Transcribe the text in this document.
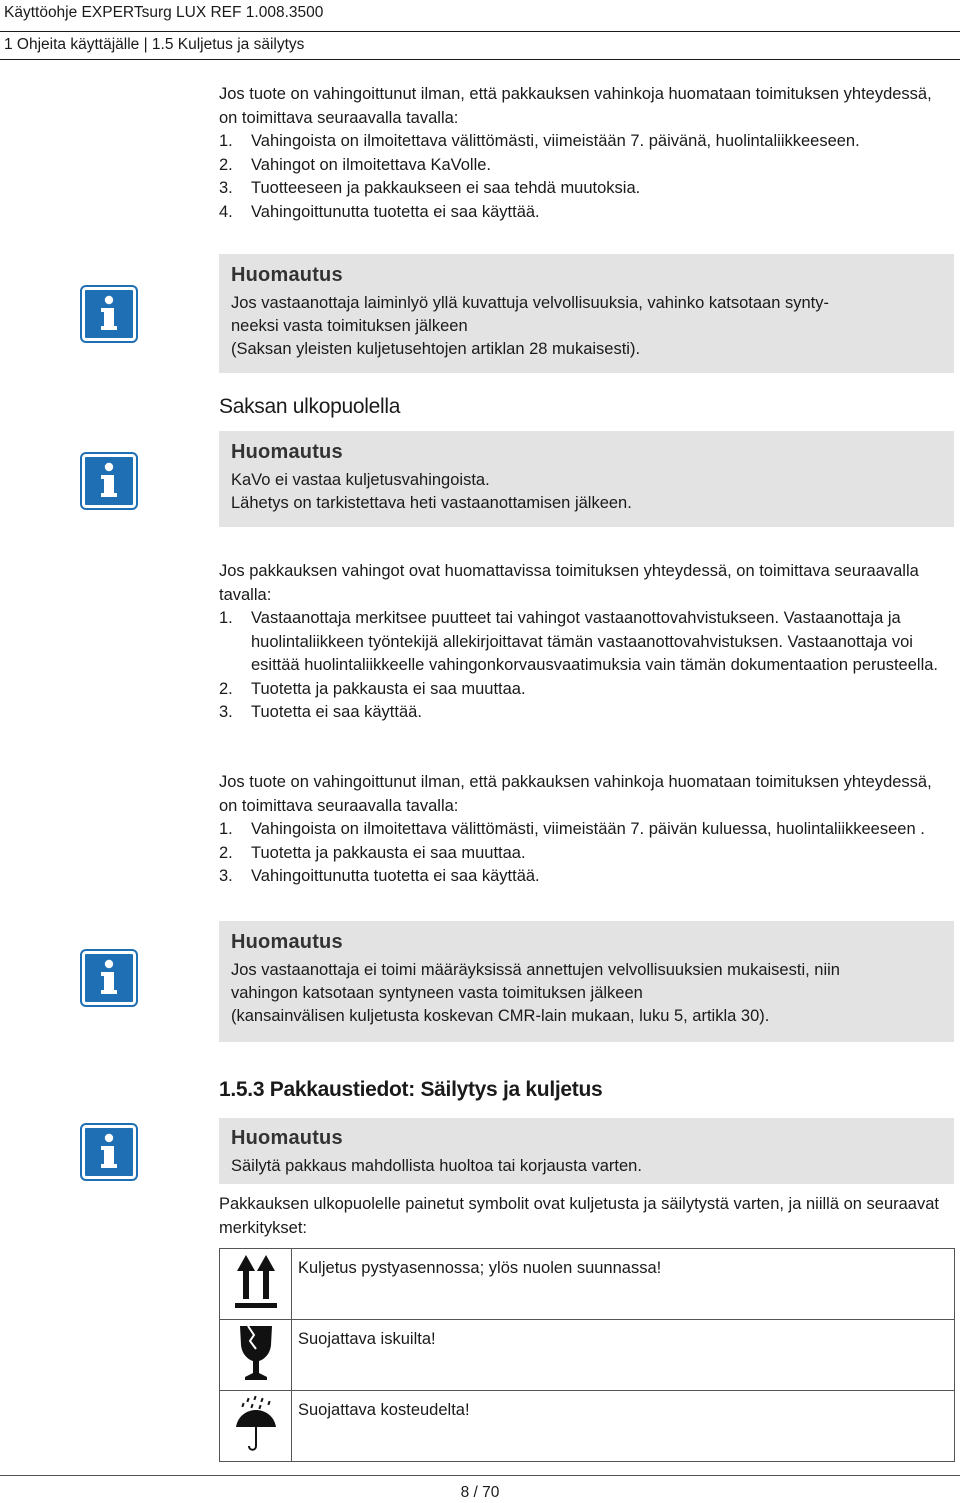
Käyttöohje EXPERTsurg LUX REF 1.008.3500
1 Ohjeita käyttäjälle | 1.5 Kuljetus ja säilytys

Jos tuote on vahingoittunut ilman, että pakkauksen vahinkoja huomataan toimituksen yhteydessä, on toimittava seuraavalla tavalla:

1.	Vahingoista on ilmoitettava välittömästi, viimeistään 7. päivänä, huolintaliikkeeseen.
2.	Vahingot on ilmoitettava KaVolle.
3.	Tuotteeseen ja pakkaukseen ei saa tehdä muutoksia.
4.	Vahingoittunutta tuotetta ei saa käyttää.
Huomautus

Jos vastaanottaja laiminlyö yllä kuvattuja velvollisuuksia, vahinko katsotaan synty-

neeksi vasta toimituksen jälkeen

(Saksan yleisten kuljetusehtojen artiklan 28 mukaisesti).

Saksan ulkopuolella
Huomautus

KaVo ei vastaa kuljetusvahingoista.

Lähetys on tarkistettava heti vastaanottamisen jälkeen.

Jos pakkauksen vahingot ovat huomattavissa toimituksen yhteydessä, on toimittava seuraavalla tavalla:

1.	Vastaanottaja merkitsee puutteet tai vahingot vastaanottovahvistukseen. Vastaanottaja ja huolintaliikkeen työntekijä allekirjoittavat tämän vastaanottovahvistuksen. Vastaanottaja voi esittää huolintaliikkeelle vahingonkorvausvaatimuksia vain tämän dokumentaation perusteella.
2.	Tuotetta ja pakkausta ei saa muuttaa.
3.	Tuotetta ei saa käyttää.

Jos tuote on vahingoittunut ilman, että pakkauksen vahinkoja huomataan toimituksen yhteydessä, on toimittava seuraavalla tavalla:

1.	Vahingoista on ilmoitettava välittömästi, viimeistään 7. päivän kuluessa, huolintaliikkeeseen .
2.	Tuotetta ja pakkausta ei saa muuttaa.
3.	Vahingoittunutta tuotetta ei saa käyttää.
Huomautus

Jos vastaanottaja ei toimi määräyksissä annettujen velvollisuuksien mukaisesti, niin

vahingon katsotaan syntyneen vasta toimituksen jälkeen

(kansainvälisen kuljetusta koskevan CMR-lain mukaan, luku 5, artikla 30).

1.5.3 Pakkaustiedot: Säilytys ja kuljetus
Huomautus

Säilytä pakkaus mahdollista huoltoa tai korjausta varten.

Pakkauksen ulkopuolelle painetut symbolit ovat kuljetusta ja säilytystä varten, ja niillä on seuraavat merkitykset:

	Kuljetus pystyasennossa; ylös nuolen suunnassa!
	Suojattava iskuilta!
	Suojattava kosteudelta!
8 / 70
